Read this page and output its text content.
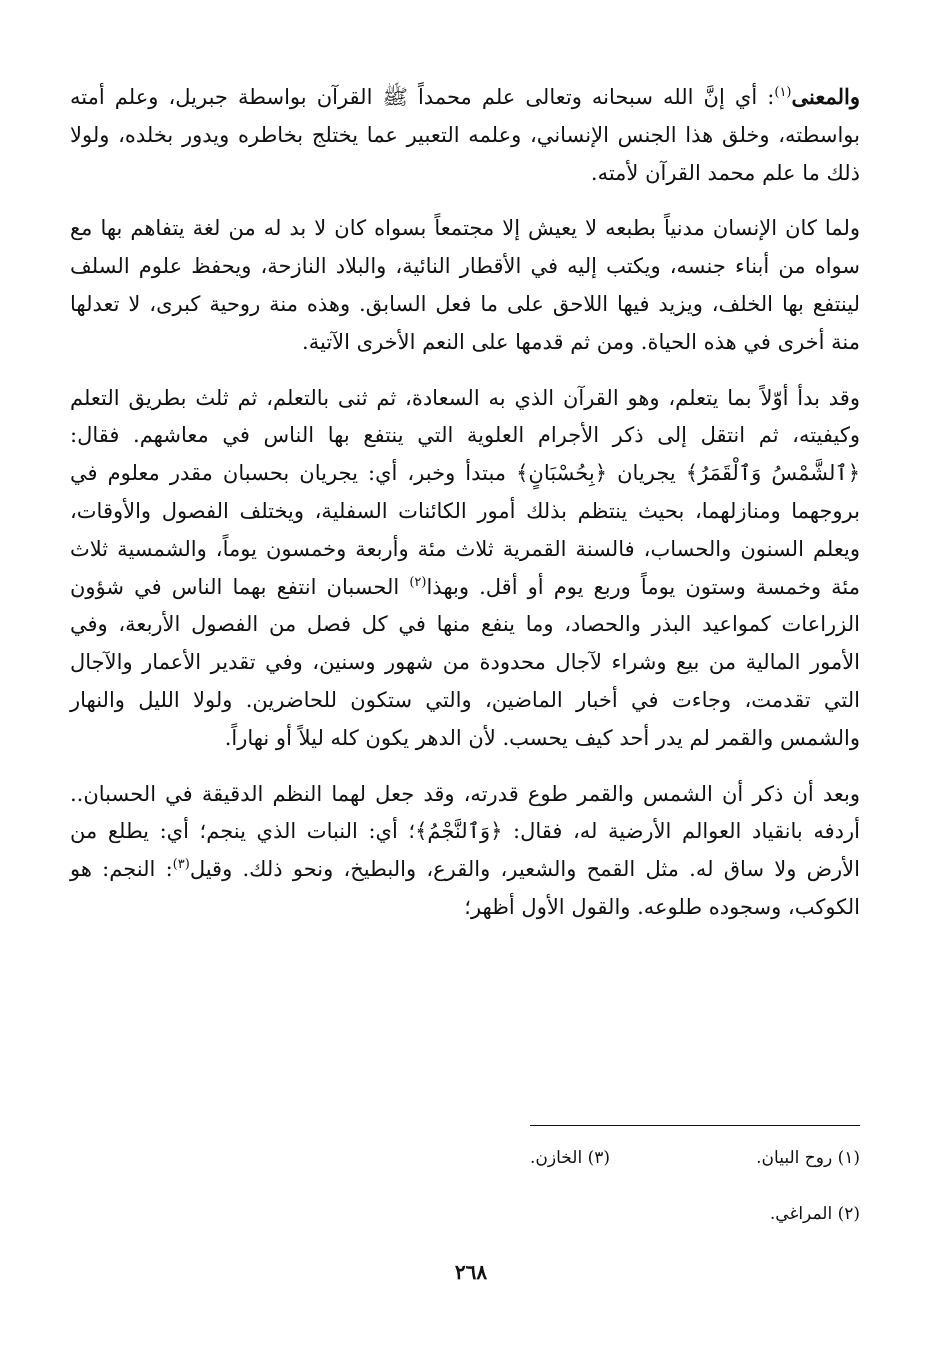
والمعنى$^{(١)}$: أي إنَّ الله سبحانه وتعالى علم محمداً ﷺ القرآن بواسطة جبريل، وعلم أمته بواسطته، وخلق هذا الجنس الإنساني، وعلمه التعبير عما يختلج بخاطره ويدور بخلده، ولولا ذلك ما علم محمد القرآن لأمته.

ولما كان الإنسان مدنياً بطبعه لا يعيش إلا مجتمعاً بسواه كان لا بد له من لغة يتفاهم بها مع سواه من أبناء جنسه، ويكتب إليه في الأقطار النائية، والبلاد النازحة، ويحفظ علوم السلف لينتفع بها الخلف، ويزيد فيها اللاحق على ما فعل السابق. وهذه منة روحية كبرى، لا تعدلها منة أخرى في هذه الحياة. ومن ثم قدمها على النعم الأخرى الآتية.

وقد بدأ أوّلاً بما يتعلم، وهو القرآن الذي به السعادة، ثم ثنى بالتعلم، ثم ثلث بطريق التعلم وكيفيته، ثم انتقل إلى ذكر الأجرام العلوية التي ينتفع بها الناس في معاشهم. فقال: ﴿ٱلشَّمْسُ وَٱلْقَمَرُ﴾ يجريان ﴿بِحُسْبَانٍ﴾ مبتدأ وخبر، أي: يجريان بحسبان مقدر معلوم في بروجهما ومنازلهما، بحيث ينتظم بذلك أمور الكائنات السفلية، ويختلف الفصول والأوقات، ويعلم السنون والحساب، فالسنة القمرية ثلاث مئة وأربعة وخمسون يوماً، والشمسية ثلاث مئة وخمسة وستون يوماً وربع يوم أو أقل. وبهذا$^{(٢)}$ الحسبان انتفع بهما الناس في شؤون الزراعات كمواعيد البذر والحصاد، وما ينفع منها في كل فصل من الفصول الأربعة، وفي الأمور المالية من بيع وشراء لآجال محدودة من شهور وسنين، وفي تقدير الأعمار والآجال التي تقدمت، وجاءت في أخبار الماضين، والتي ستكون للحاضرين. ولولا الليل والنهار والشمس والقمر لم يدر أحد كيف يحسب. لأن الدهر يكون كله ليلاً أو نهاراً.

وبعد أن ذكر أن الشمس والقمر طوع قدرته، وقد جعل لهما النظم الدقيقة في الحسبان.. أردفه بانقياد العوالم الأرضية له، فقال: ﴿وَٱلنَّجْمُ﴾؛ أي: النبات الذي ينجم؛ أي: يطلع من الأرض ولا ساق له. مثل القمح والشعير، والقرع، والبطيخ، ونحو ذلك. وقيل$^{(٣)}$: النجم: هو الكوكب، وسجوده طلوعه. والقول الأول أظهر؛

(١) روح البيان.
(٣) الخازن.
(٢) المراغي.
٢٦٨
